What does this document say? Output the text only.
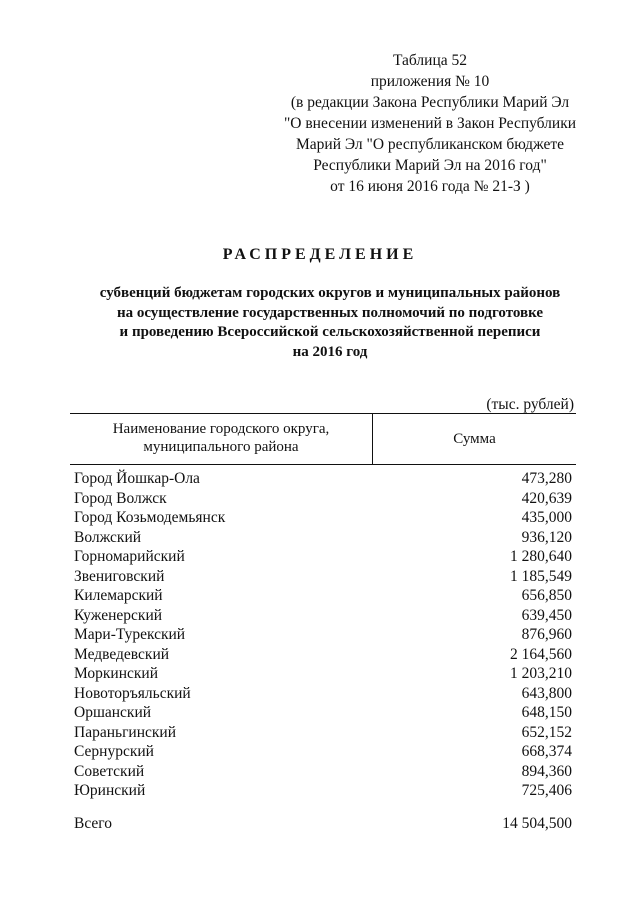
Таблица 52
приложения № 10
(в редакции Закона Республики Марий Эл
"О внесении изменений в Закон Республики
Марий Эл "О республиканском бюджете
Республики Марий Эл на 2016 год"
от 16 июня 2016 года № 21-З )
РАСПРЕДЕЛЕНИЕ
субвенций бюджетам городских округов и муниципальных районов
на осуществление государственных полномочий по подготовке
и проведению Всероссийской сельскохозяйственной переписи
на 2016 год
(тыс. рублей)
Наименование городского округа,
муниципального района	Сумма
Город Йошкар-Ола	473,280
Город Волжск	420,639
Город Козьмодемьянск	435,000
Волжский	936,120
Горномарийский	1 280,640
Звениговский	1 185,549
Килемарский	656,850
Куженерский	639,450
Мари-Турекский	876,960
Медведевский	2 164,560
Моркинский	1 203,210
Новоторъяльский	643,800
Оршанский	648,150
Параньгинский	652,152
Сернурский	668,374
Советский	894,360
Юринский	725,406
Всего	14 504,500
